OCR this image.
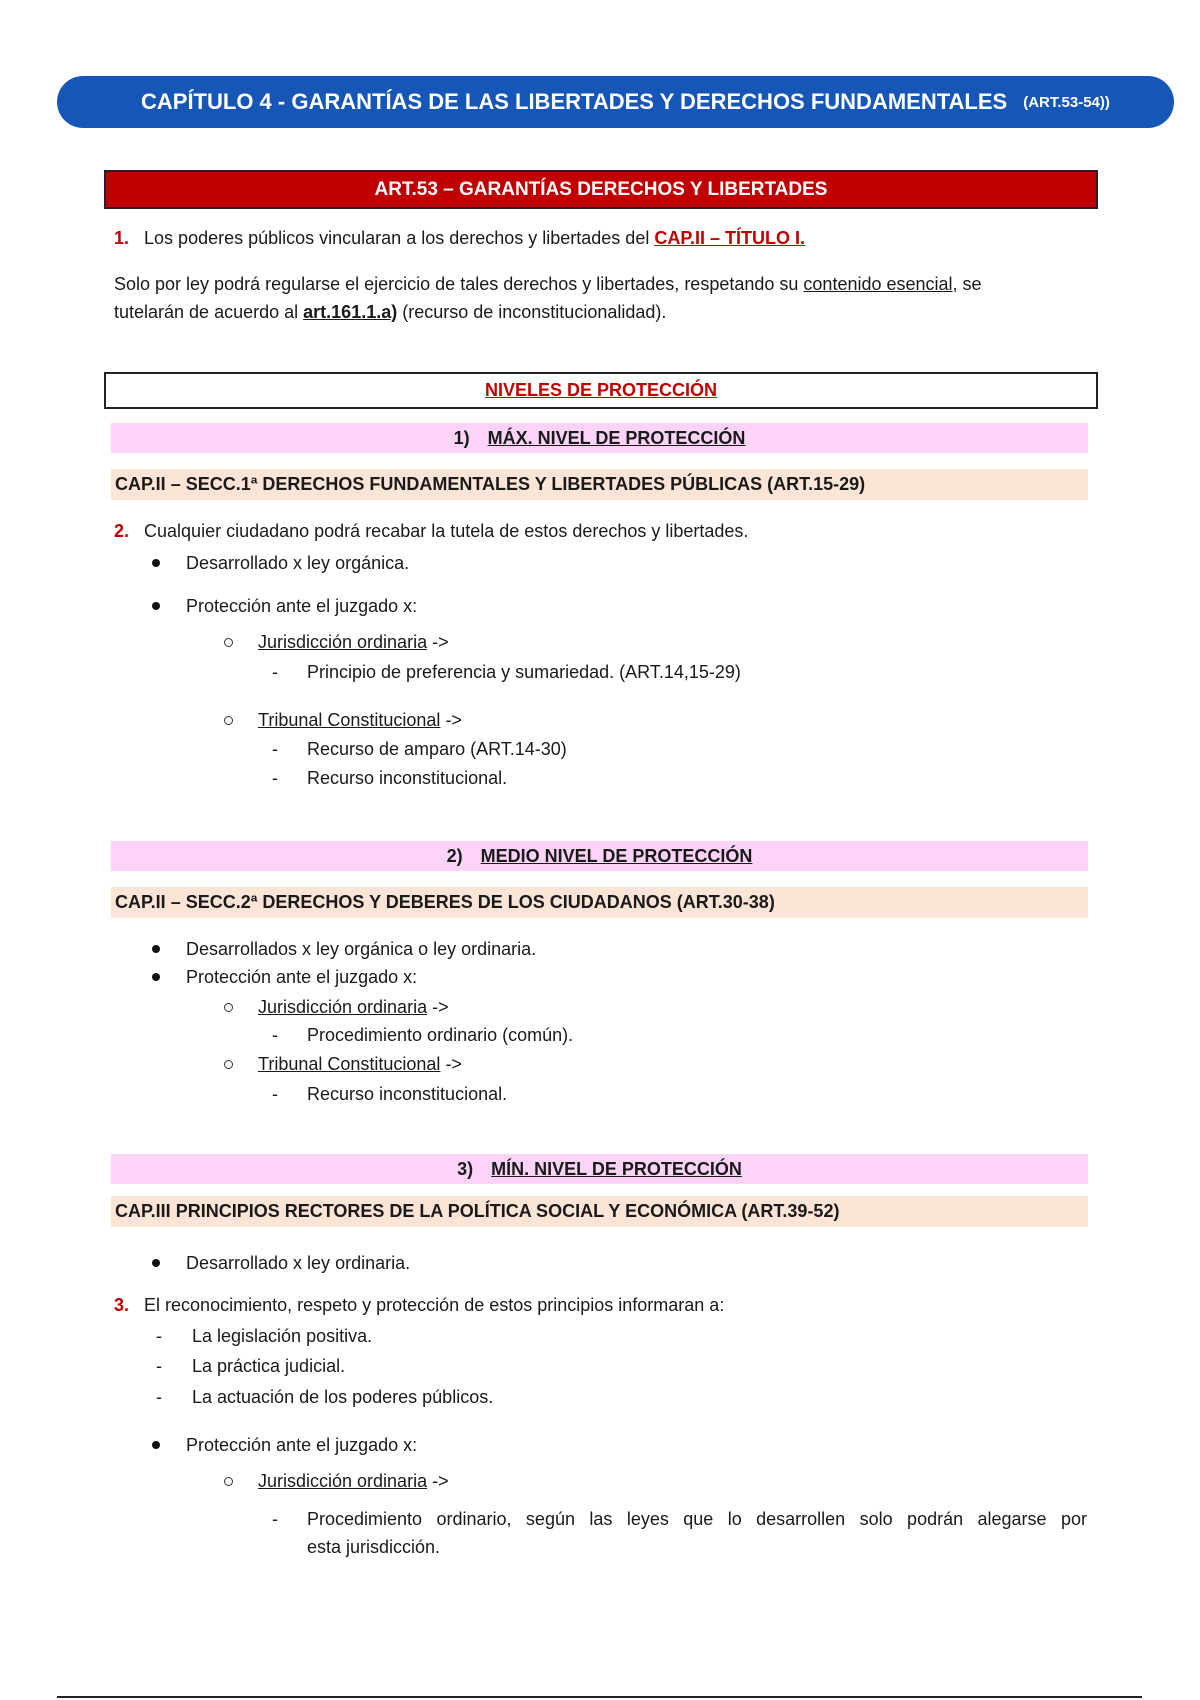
CAPÍTULO 4 - GARANTÍAS DE LAS LIBERTADES Y DERECHOS FUNDAMENTALES (ART.53-54))
ART.53 – GARANTÍAS DERECHOS Y LIBERTADES
1. Los poderes públicos vincularan a los derechos y libertades del CAP.II – TÍTULO I.
Solo por ley podrá regularse el ejercicio de tales derechos y libertades, respetando su contenido esencial, se
tutelarán de acuerdo al art.161.1.a) (recurso de inconstitucionalidad).
NIVELES DE PROTECCIÓN
1) MÁX. NIVEL DE PROTECCIÓN
CAP.II – SECC.1ª DERECHOS FUNDAMENTALES Y LIBERTADES PÚBLICAS (ART.15-29)
2. Cualquier ciudadano podrá recabar la tutela de estos derechos y libertades.
Desarrollado x ley orgánica.
Protección ante el juzgado x:
Jurisdicción ordinaria ->
- Principio de preferencia y sumariedad. (ART.14,15-29)
Tribunal Constitucional ->
- Recurso de amparo (ART.14-30)
- Recurso inconstitucional.
2) MEDIO NIVEL DE PROTECCIÓN
CAP.II – SECC.2ª DERECHOS Y DEBERES DE LOS CIUDADANOS (ART.30-38)
Desarrollados x ley orgánica o ley ordinaria.
Protección ante el juzgado x:
Jurisdicción ordinaria ->
- Procedimiento ordinario (común).
Tribunal Constitucional ->
- Recurso inconstitucional.
3) MÍN. NIVEL DE PROTECCIÓN
CAP.III PRINCIPIOS RECTORES DE LA POLÍTICA SOCIAL Y ECONÓMICA (ART.39-52)
Desarrollado x ley ordinaria.
3. El reconocimiento, respeto y protección de estos principios informaran a:
- La legislación positiva.
- La práctica judicial.
- La actuación de los poderes públicos.
Protección ante el juzgado x:
Jurisdicción ordinaria ->
- Procedimiento ordinario, según las leyes que lo desarrollen solo podrán alegarse por
esta jurisdicción.
